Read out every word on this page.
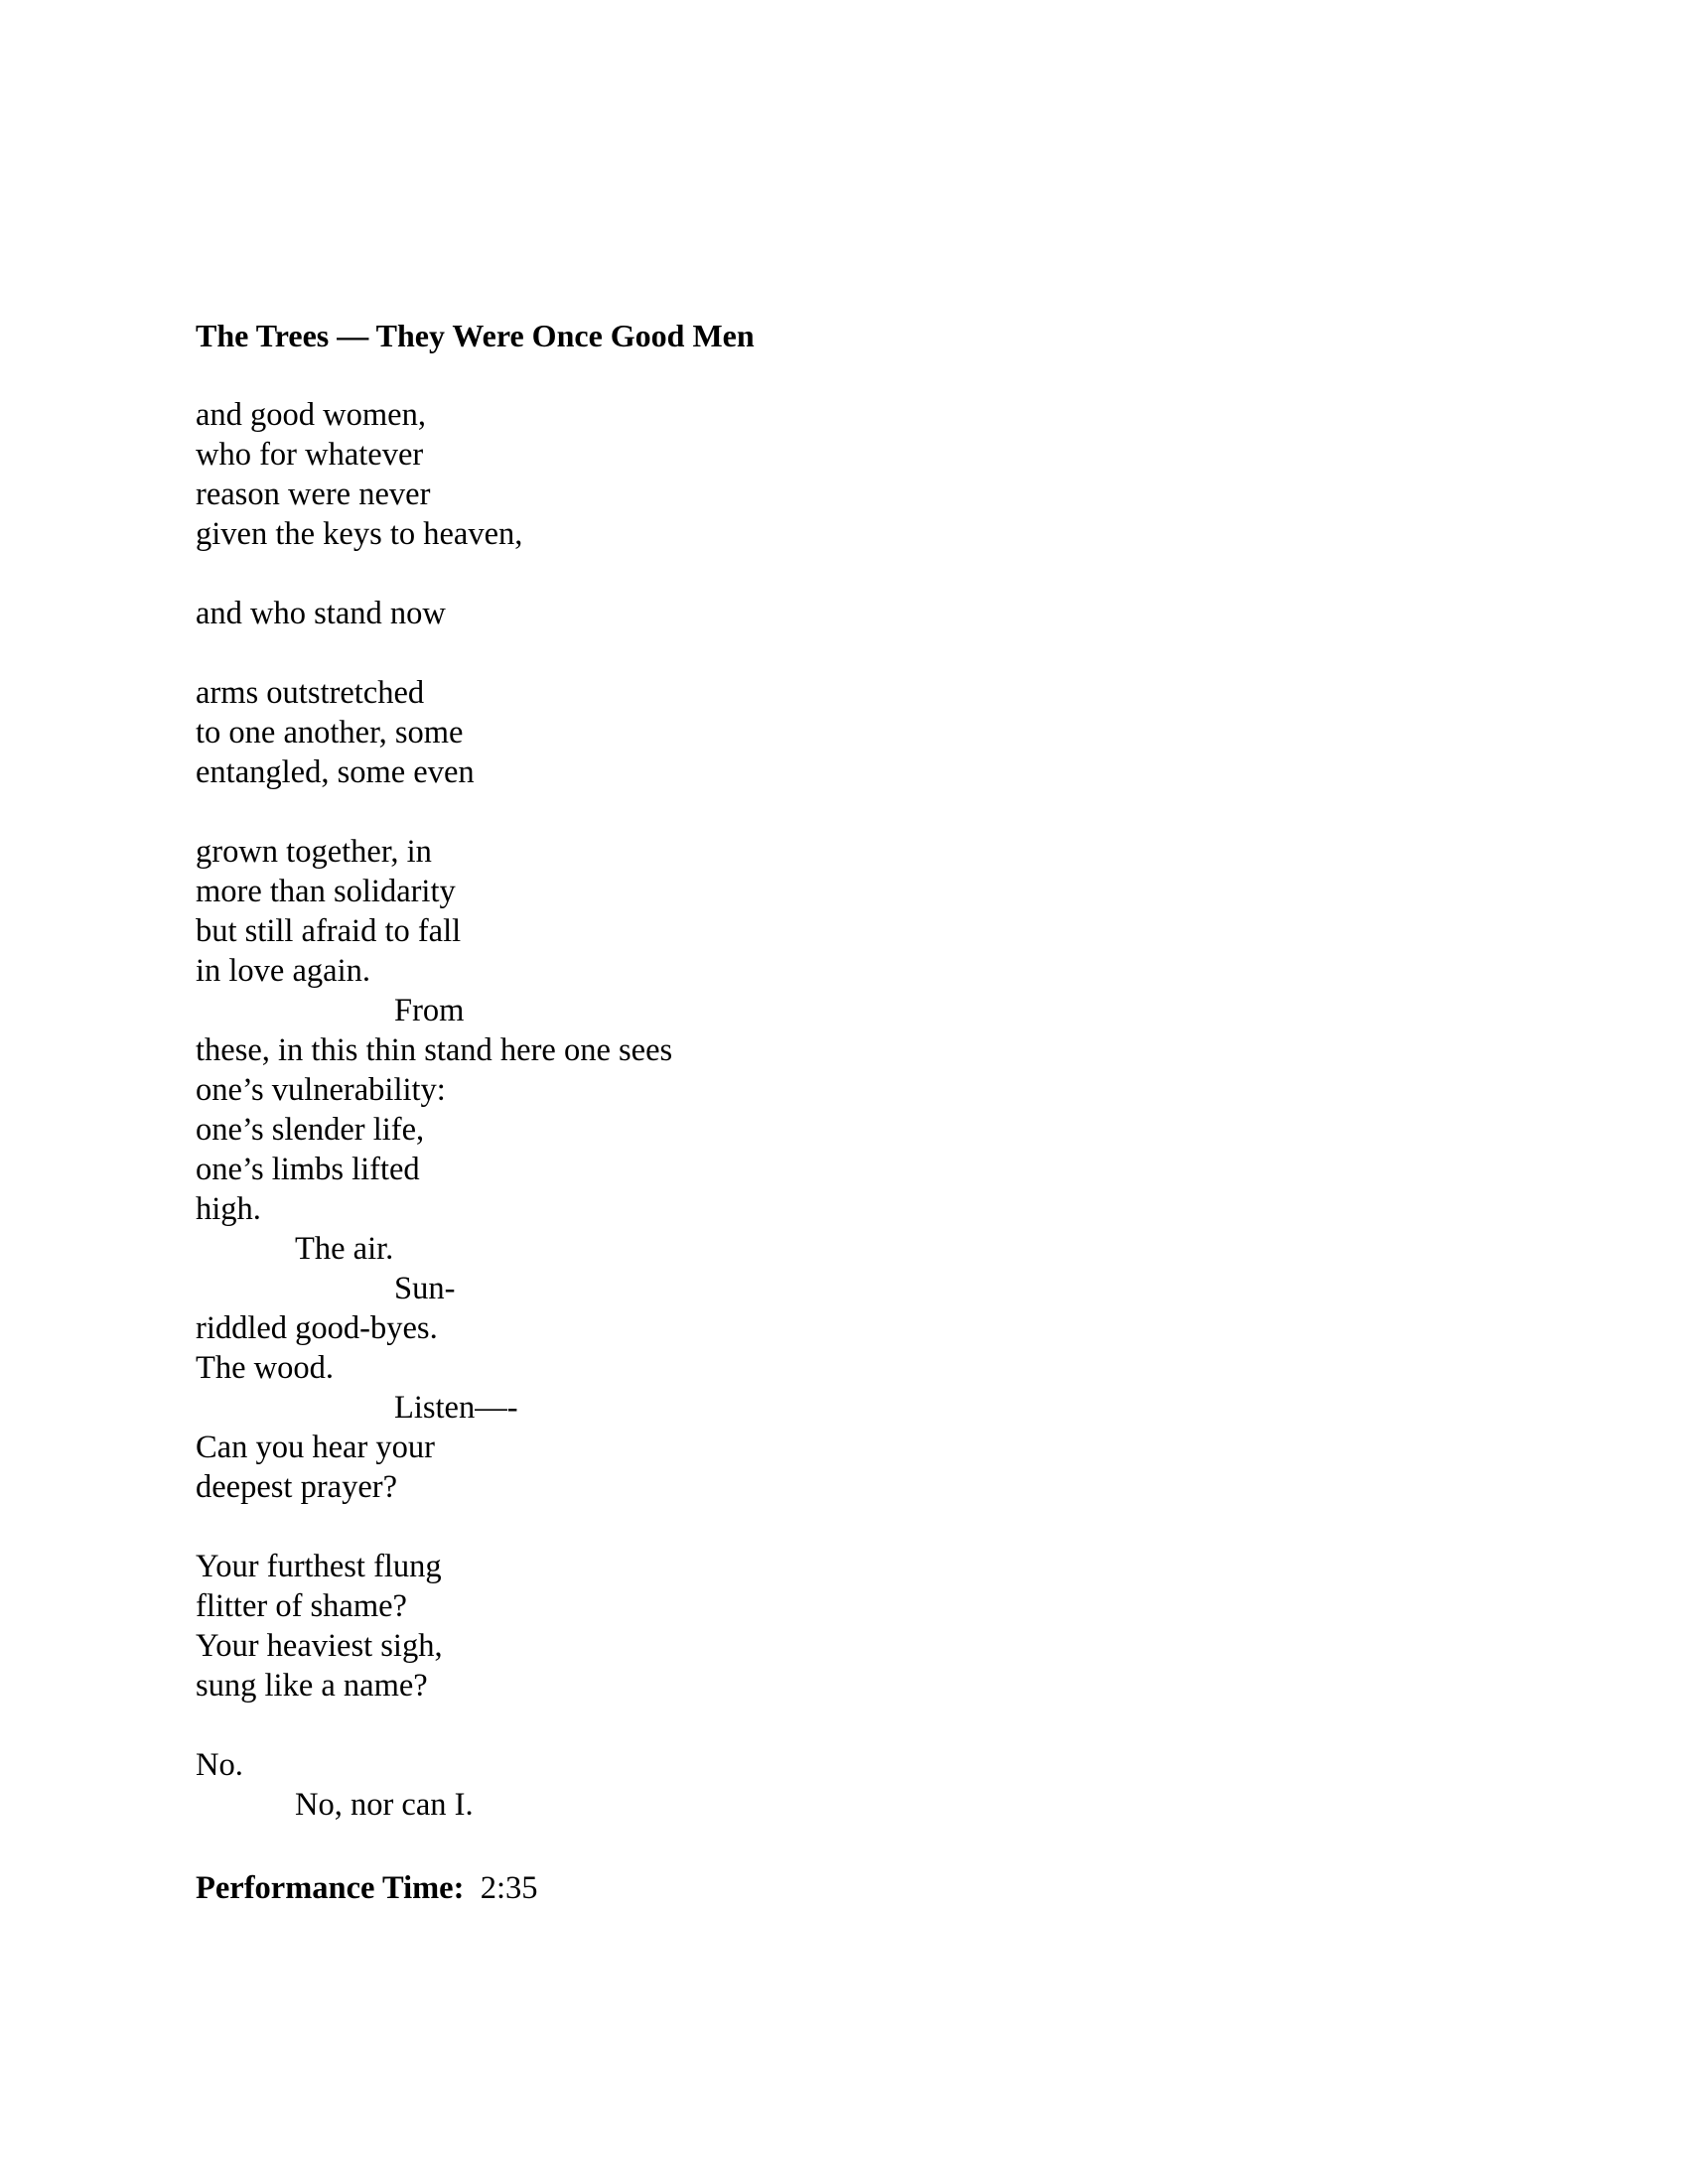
The Trees — They Were Once Good Men
and good women,
who for whatever
reason were never
given the keys to heaven,
and who stand now
arms outstretched
to one another, some
entangled, some even
grown together, in
more than solidarity
but still afraid to fall
in love again.
From
these, in this thin stand here one sees
one’s vulnerability:
one’s slender life,
one’s limbs lifted
high.
The air.
Sun-
riddled good-byes.
The wood.
Listen—-
Can you hear your
deepest prayer?
Your furthest flung
flitter of shame?
Your heaviest sigh,
sung like a name?
No.
No, nor can I.
Performance Time: 2:35
